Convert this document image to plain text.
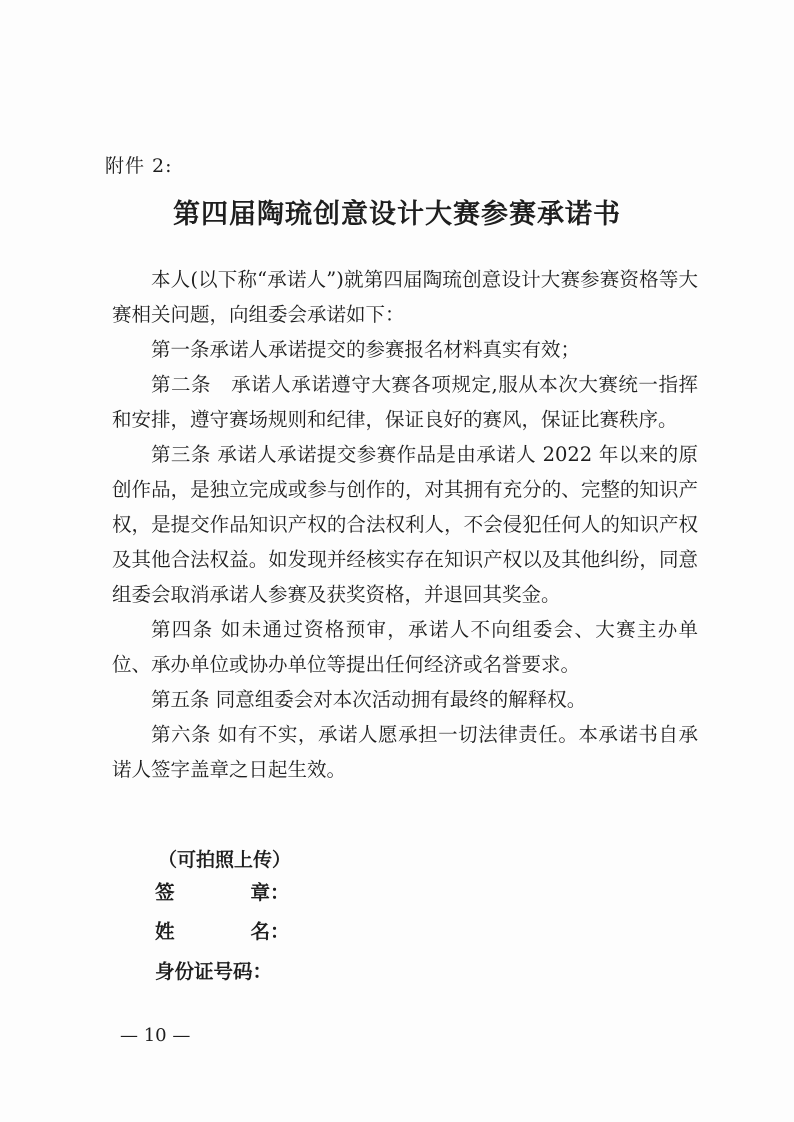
附件 2:
第四届陶琉创意设计大赛参赛承诺书

本人(以下称“承诺人”)就第四届陶琉创意设计大赛参赛资格等大赛相关问题，向组委会承诺如下：

第一条承诺人承诺提交的参赛报名材料真实有效；

第二条　承诺人承诺遵守大赛各项规定,服从本次大赛统一指挥和安排，遵守赛场规则和纪律，保证良好的赛风，保证比赛秩序。

第三条 承诺人承诺提交参赛作品是由承诺人 2022 年以来的原创作品，是独立完成或参与创作的，对其拥有充分的、完整的知识产权，是提交作品知识产权的合法权利人，不会侵犯任何人的知识产权及其他合法权益。如发现并经核实存在知识产权以及其他纠纷，同意组委会取消承诺人参赛及获奖资格，并退回其奖金。

第四条 如未通过资格预审，承诺人不向组委会、大赛主办单位、承办单位或协办单位等提出任何经济或名誉要求。

第五条 同意组委会对本次活动拥有最终的解释权。

第六条 如有不实，承诺人愿承担一切法律责任。本承诺书自承诺人签字盖章之日起生效。

（可拍照上传）
签章：
姓名：
身份证号码：
— 10 —
